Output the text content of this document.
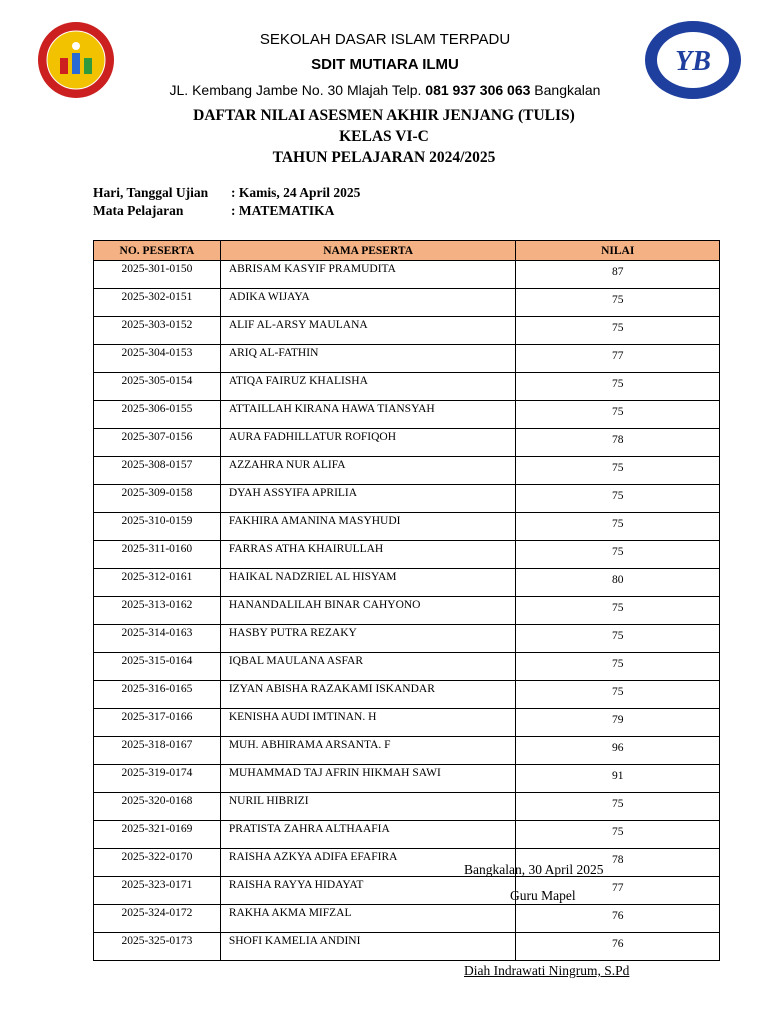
SEKOLAH DASAR ISLAM TERPADU
SDIT MUTIARA ILMU
JL. Kembang Jambe No. 30 Mlajah Telp. 081 937 306 063 Bangkalan
YB
DAFTAR NILAI ASESMEN AKHIR JENJANG (TULIS)
KELAS VI-C
TAHUN PELAJARAN 2024/2025
Hari, Tanggal Ujian : Kamis, 24 April 2025
Mata Pelajaran	: MATEMATIKA
NO. PESERTA	NAMA PESERTA	NILAI
2025-301-0150	ABRISAM KASYIF PRAMUDITA	87
2025-302-0151	ADIKA WIJAYA	75
2025-303-0152	ALIF AL-ARSY MAULANA	75
2025-304-0153	ARIQ AL-FATHIN	77
2025-305-0154	ATIQA FAIRUZ KHALISHA	75
2025-306-0155	ATTAILLAH KIRANA HAWA TIANSYAH	75
2025-307-0156	AURA FADHILLATUR ROFIQOH	78
2025-308-0157	AZZAHRA NUR ALIFA	75
2025-309-0158	DYAH ASSYIFA APRILIA	75
2025-310-0159	FAKHIRA AMANINA MASYHUDI	75
2025-311-0160	FARRAS ATHA KHAIRULLAH	75
2025-312-0161	HAIKAL NADZRIEL AL HISYAM	80
2025-313-0162	HANANDALILAH BINAR CAHYONO	75
2025-314-0163	HASBY PUTRA REZAKY	75
2025-315-0164	IQBAL MAULANA ASFAR	75
2025-316-0165	IZYAN ABISHA RAZAKAMI ISKANDAR	75
2025-317-0166	KENISHA AUDI IMTINAN. H	79
2025-318-0167	MUH. ABHIRAMA ARSANTA. F	96
2025-319-0174	MUHAMMAD TAJ AFRIN HIKMAH SAWI	91
2025-320-0168	NURIL HIBRIZI	75
2025-321-0169	PRATISTA ZAHRA ALTHAAFIA	75
2025-322-0170	RAISHA AZKYA ADIFA EFAFIRA	78
2025-323-0171	RAISHA RAYYA HIDAYAT	77
2025-324-0172	RAKHA AKMA MIFZAL	76
2025-325-0173	SHOFI KAMELIA ANDINI	76
Bangkalan, 30 April 2025
Guru Mapel
Diah Indrawati Ningrum, S.Pd
